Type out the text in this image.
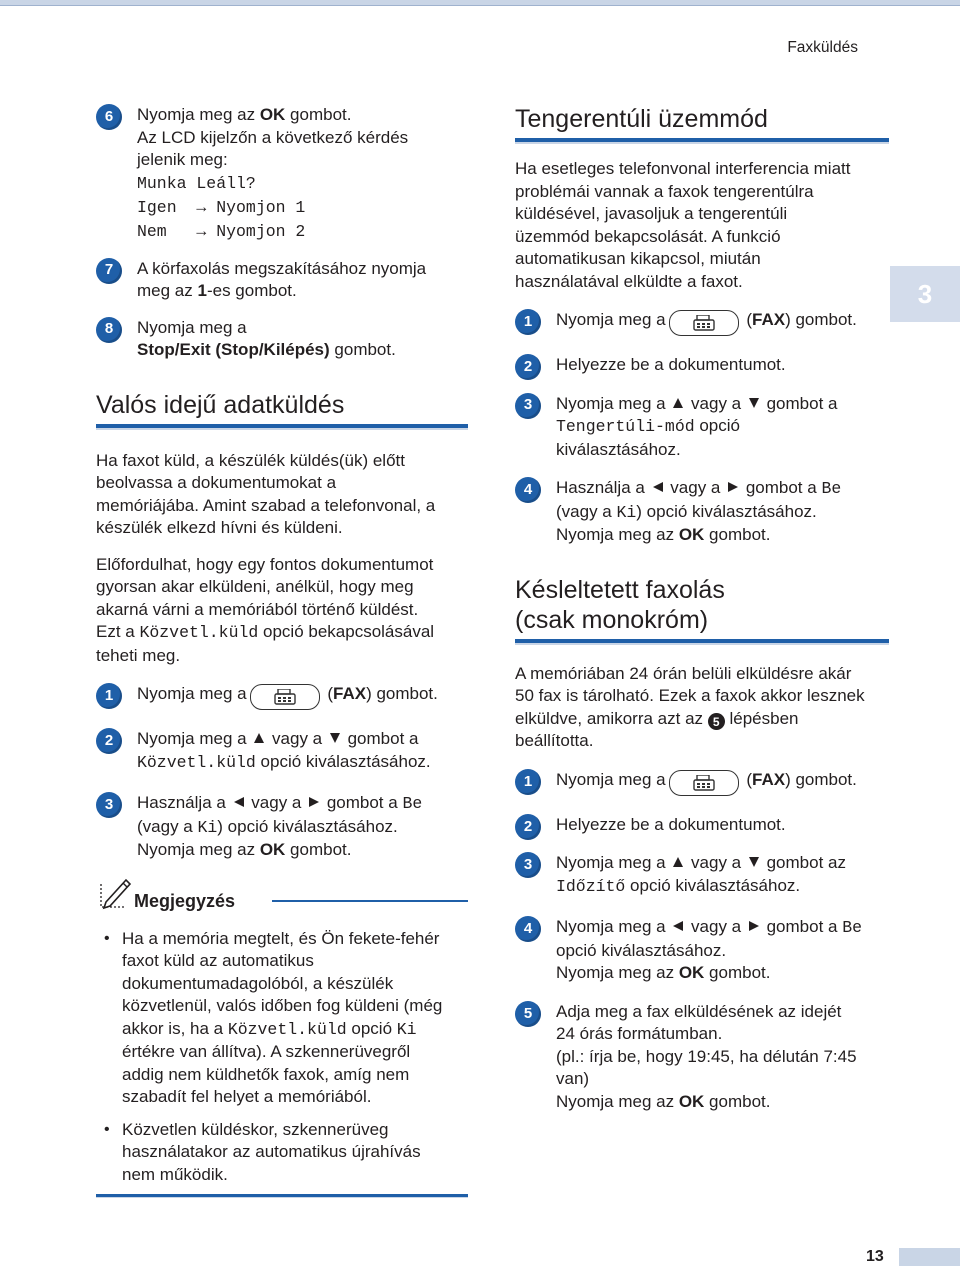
Faxküldés
3
6	Nyomja meg az OK gombot.

Az LCD kijelzőn a következő kérdés

jelenik meg:

Munka Leáll?

Igen  → Nyomjon 1

Nem   → Nyomjon 2

7	A körfaxolás megszakításához nyomja

meg az 1-es gombot.

8	Nyomja meg a

Stop/Exit (Stop/Kilépés) gombot.

Valós idejű adatküldés

Ha faxot küld, a készülék küldés(ük) előtt

beolvassa a dokumentumokat a

memóriájába. Amint szabad a telefonvonal, a

készülék elkezd hívni és küldeni.

Előfordulhat, hogy egy fontos dokumentumot

gyorsan akar elküldeni, anélkül, hogy meg

akarná várni a memóriából történő küldést.

Ezt a Közvetl.küld opció bekapcsolásával

teheti meg.

1	Nyomja meg a	(FAX) gombot.

2	Nyomja meg a  vagy a  gombot a

Közvetl.küld opció kiválasztásához.

3	Használja a  vagy a  gombot a Be

(vagy a Ki) opció kiválasztásához.

Nyomja meg az OK gombot.

Megjegyzés

• Ha a memória megtelt, és Ön fekete-fehér

faxot küld az automatikus

dokumentumadagolóból, a készülék

közvetlenül, valós időben fog küldeni (még

akkor is, ha a Közvetl.küld opció Ki

értékre van állítva). A szkennerüvegről

addig nem küldhetők faxok, amíg nem

szabadít fel helyet a memóriából.

• Közvetlen küldéskor, szkennerüveg

használatakor az automatikus újrahívás

nem működik.

Tengerentúli üzemmód

Ha esetleges telefonvonal interferencia miatt

problémái vannak a faxok tengerentúlra

küldésével, javasoljuk a tengerentúli

üzemmód bekapcsolását. A funkció

automatikusan kikapcsol, miután

használatával elküldte a faxot.

1	Nyomja meg a	(FAX) gombot.

2	Helyezze be a dokumentumot.

3	Nyomja meg a  vagy a  gombot a

Tengertúli-mód opció

kiválasztásához.

4	Használja a  vagy a  gombot a Be

(vagy a Ki) opció kiválasztásához.

Nyomja meg az OK gombot.

Késleltetett faxolás
(csak monokróm)

A memóriában 24 órán belüli elküldésre akár

50 fax is tárolható. Ezek a faxok akkor lesznek

elküldve, amikorra azt az 5 lépésben

beállította.

1	Nyomja meg a	(FAX) gombot.

2	Helyezze be a dokumentumot.

3	Nyomja meg a  vagy a  gombot az

Időzítő opció kiválasztásához.

4	Nyomja meg a  vagy a  gombot a Be

opció kiválasztásához.

Nyomja meg az OK gombot.

5	Adja meg a fax elküldésének az idejét

24 órás formátumban.

(pl.: írja be, hogy 19:45, ha délután 7:45

van)

Nyomja meg az OK gombot.

13
